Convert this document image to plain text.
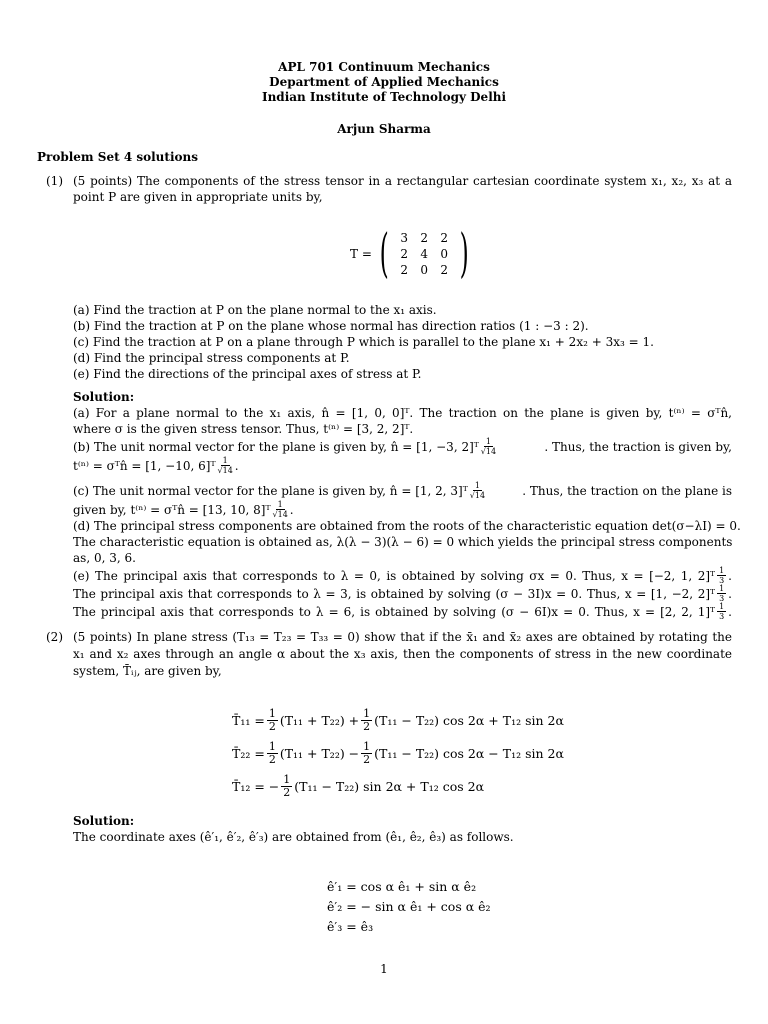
APL 701 Continuum Mechanics
Department of Applied Mechanics
Indian Institute of Technology Delhi
Arjun Sharma
Problem Set 4 solutions
(1) (5 points) The components of the stress tensor in a rectangular cartesian coordinate system x₁, x₂, x₃ at a
point P are given in appropriate units by,
T = ( 3	2	2
2	4	0
2	0	2 )
(a) Find the traction at P on the plane normal to the x₁ axis.
(b) Find the traction at P on the plane whose normal has direction ratios (1 : −3 : 2).
(c) Find the traction at P on a plane through P which is parallel to the plane x₁ + 2x₂ + 3x₃ = 1.
(d) Find the principal stress components at P.
(e) Find the directions of the principal axes of stress at P.
Solution:
(a) For a plane normal to the x₁ axis, n̂ = [1, 0, 0]ᵀ. The traction on the plane is given by, t⁽ⁿ⁾ = σᵀn̂,
where σ is the given stress tensor. Thus, t⁽ⁿ⁾ = [3, 2, 2]ᵀ.
(b) The unit normal vector for the plane is given by, n̂ = [1, −3, 2]ᵀ $\frac{1}{√14}$	. Thus, the traction is given by,
t⁽ⁿ⁾ = σᵀn̂ = [1, −10, 6]ᵀ $\frac{1}{√14}$ .
(c) The unit normal vector for the plane is given by, n̂ = [1, 2, 3]ᵀ $\frac{1}{√14}$	. Thus, the traction on the plane is
given by, t⁽ⁿ⁾ = σᵀn̂ = [13, 10, 8]ᵀ $\frac{1}{√14}$ .
(d) The principal stress components are obtained from the roots of the characteristic equation det(σ−λI) = 0.
The characteristic equation is obtained as, λ(λ − 3)(λ − 6) = 0 which yields the principal stress components
as, 0, 3, 6.
(e) The principal axis that corresponds to λ = 0, is obtained by solving σx = 0. Thus, x = [−2, 1, 2]ᵀ $\frac{1}{3}$ .
The principal axis that corresponds to λ = 3, is obtained by solving (σ − 3I)x = 0. Thus, x = [1, −2, 2]ᵀ $\frac{1}{3}$ .
The principal axis that corresponds to λ = 6, is obtained by solving (σ − 6I)x = 0. Thus, x = [2, 2, 1]ᵀ $\frac{1}{3}$ .
(2) (5 points) In plane stress (T₁₃ = T₂₃ = T₃₃ = 0) show that if the x̄₁ and x̄₂ axes are obtained by rotating the
x₁ and x₂ axes through an angle α about the x₃ axis, then the components of stress in the new coordinate
system, T̄ᵢⱼ, are given by,
T̄₁₁ = $\frac{1}{2} (T_{11} + T_{22}) + \frac{1}{2} (T_{11} - T_{22})$ cos 2α + T₁₂ sin 2α
T̄₂₂ = $\frac{1}{2} (T_{11} + T_{22}) - \frac{1}{2} (T_{11} - T_{22})$ cos 2α − T₁₂ sin 2α
T̄₁₂ = − $\frac{1}{2} (T_{11} - T_{22})$ sin 2α + T₁₂ cos 2α
Solution:
The coordinate axes (ê′₁, ê′₂, ê′₃) are obtained from (ê₁, ê₂, ê₃) as follows.
ê′₁ = cos α ê₁ + sin α ê₂
ê′₂ = − sin α ê₁ + cos α ê₂
ê′₃ = ê₃
1
